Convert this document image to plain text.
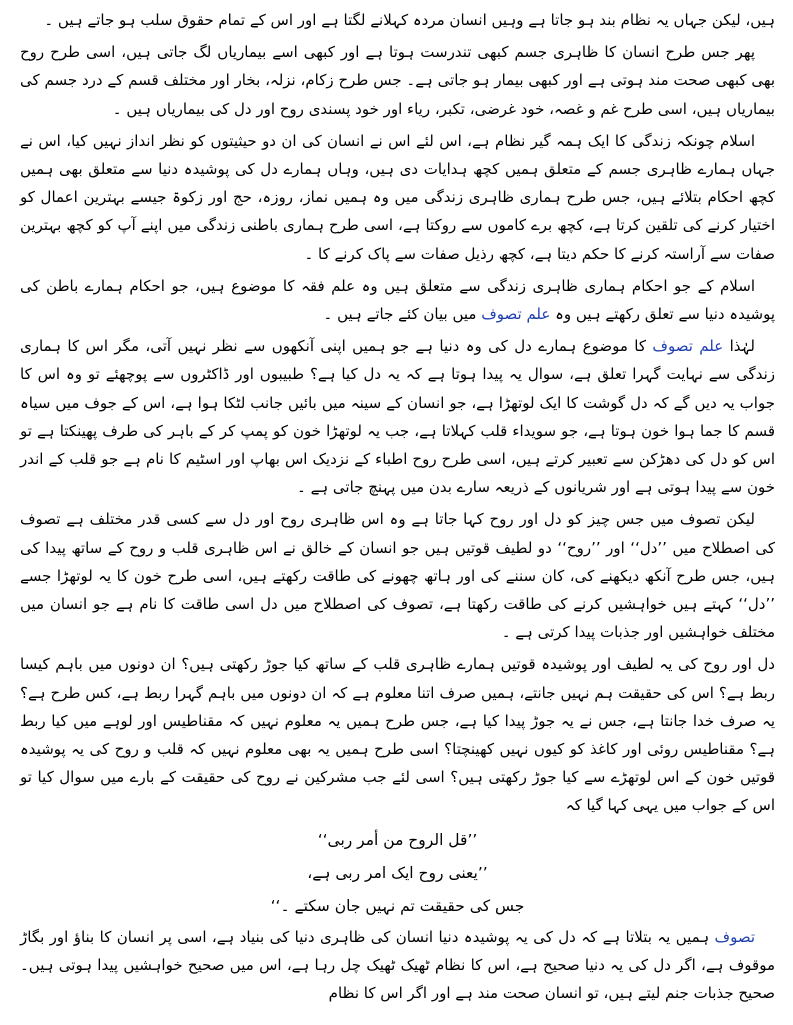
ہیں، لیکن جہاں یہ نظام بند ہو جاتا ہے وہیں انسان مردہ کہلانے لگتا ہے اور اس کے تمام حقوق سلب ہو جاتے ہیں ۔

پھر جس طرح انسان کا ظاہری جسم کبھی تندرست ہوتا ہے اور کبھی اسے بیماریاں لگ جاتی ہیں، اسی طرح روح بھی کبھی صحت مند ہوتی ہے اور کبھی بیمار ہو جاتی ہے۔ جس طرح زکام، نزلہ، بخار اور مختلف قسم کے درد جسم کی بیماریاں ہیں، اسی طرح غم و غصہ، خود غرضی، تکبر، ریاء اور خود پسندی روح اور دل کی بیماریاں ہیں ۔

اسلام چونکہ زندگی کا ایک ہمہ گیر نظام ہے، اس لئے اس نے انسان کی ان دو حیثیتوں کو نظر انداز نہیں کیا، اس نے جہاں ہمارے ظاہری جسم کے متعلق ہمیں کچھ ہدایات دی ہیں، وہاں ہمارے دل کی پوشیدہ دنیا سے متعلق بھی ہمیں کچھ احکام بتلائے ہیں، جس طرح ہماری ظاہری زندگی میں وہ ہمیں نماز، روزہ، حج اور زکوۃ جیسے بہترین اعمال کو اختیار کرنے کی تلقین کرتا ہے، کچھ برے کاموں سے روکتا ہے، اسی طرح ہماری باطنی زندگی میں اپنے آپ کو کچھ بہترین صفات سے آراستہ کرنے کا حکم دیتا ہے، کچھ رذیل صفات سے پاک کرنے کا ۔

اسلام کے جو احکام ہماری ظاہری زندگی سے متعلق ہیں وہ علم فقہ کا موضوع ہیں، جو احکام ہمارے باطن کی پوشیدہ دنیا سے تعلق رکھتے ہیں وہ علم تصوف میں بیان کئے جاتے ہیں ۔

لہٰذا علم تصوف کا موضوع ہمارے دل کی وہ دنیا ہے جو ہمیں اپنی آنکھوں سے نظر نہیں آتی، مگر اس کا ہماری زندگی سے نہایت گہرا تعلق ہے، سوال یہ پیدا ہوتا ہے کہ یہ دل کیا ہے؟ طبیبوں اور ڈاکٹروں سے پوچھئے تو وہ اس کا جواب یہ دیں گے کہ دل گوشت کا ایک لوتھڑا ہے، جو انسان کے سینہ میں بائیں جانب لٹکا ہوا ہے، اس کے جوف میں سیاہ قسم کا جما ہوا خون ہوتا ہے، جو سویداء قلب کہلاتا ہے، جب یہ لوتھڑا خون کو پمپ کر کے باہر کی طرف پھینکتا ہے تو اس کو دل کی دھڑکن سے تعبیر کرتے ہیں، اسی طرح روح اطباء کے نزدیک اس بھاپ اور اسٹیم کا نام ہے جو قلب کے اندر خون سے پیدا ہوتی ہے اور شریانوں کے ذریعہ سارے بدن میں پہنچ جاتی ہے ۔

لیکن تصوف میں جس چیز کو دل اور روح کہا جاتا ہے وہ اس ظاہری روح اور دل سے کسی قدر مختلف ہے تصوف کی اصطلاح میں ’’دل‘‘ اور ’’روح‘‘ دو لطیف قوتیں ہیں جو انسان کے خالق نے اس ظاہری قلب و روح کے ساتھ پیدا کی ہیں، جس طرح آنکھ دیکھنے کی، کان سننے کی اور ہاتھ چھونے کی طاقت رکھتے ہیں، اسی طرح خون کا یہ لوتھڑا جسے ’’دل‘‘ کہتے ہیں خواہشیں کرنے کی طاقت رکھتا ہے، تصوف کی اصطلاح میں دل اسی طاقت کا نام ہے جو انسان میں مختلف خواہشیں اور جذبات پیدا کرتی ہے ۔

دل اور روح کی یہ لطیف اور پوشیدہ قوتیں ہمارے ظاہری قلب کے ساتھ کیا جوڑ رکھتی ہیں؟ ان دونوں میں باہم کیسا ربط ہے؟ اس کی حقیقت ہم نہیں جانتے، ہمیں صرف اتنا معلوم ہے کہ ان دونوں میں باہم گہرا ربط ہے، کس طرح ہے؟ یہ صرف خدا جانتا ہے، جس نے یہ جوڑ پیدا کیا ہے، جس طرح ہمیں یہ معلوم نہیں کہ مقناطیس اور لوہے میں کیا ربط ہے؟ مقناطیس روئی اور کاغذ کو کیوں نہیں کھینچتا؟ اسی طرح ہمیں یہ بھی معلوم نہیں کہ قلب و روح کی یہ پوشیدہ قوتیں خون کے اس لوتھڑے سے کیا جوڑ رکھتی ہیں؟ اسی لئے جب مشرکین نے روح کی حقیقت کے بارے میں سوال کیا تو اس کے جواب میں یہی کہا گیا کہ

’’قل الروح من أمر ربی‘‘

’’یعنی روح ایک امر ربی ہے،

جس کی حقیقت تم نہیں جان سکتے ۔‘‘

تصوف ہمیں یہ بتلاتا ہے کہ دل کی یہ پوشیدہ دنیا انسان کی ظاہری دنیا کی بنیاد ہے، اسی پر انسان کا بناؤ اور بگاڑ موقوف ہے، اگر دل کی یہ دنیا صحیح ہے، اس کا نظام ٹھیک ٹھیک چل رہا ہے، اس میں صحیح خواہشیں پیدا ہوتی ہیں۔ صحیح جذبات جنم لیتے ہیں، تو انسان صحت مند ہے اور اگر اس کا نظام
